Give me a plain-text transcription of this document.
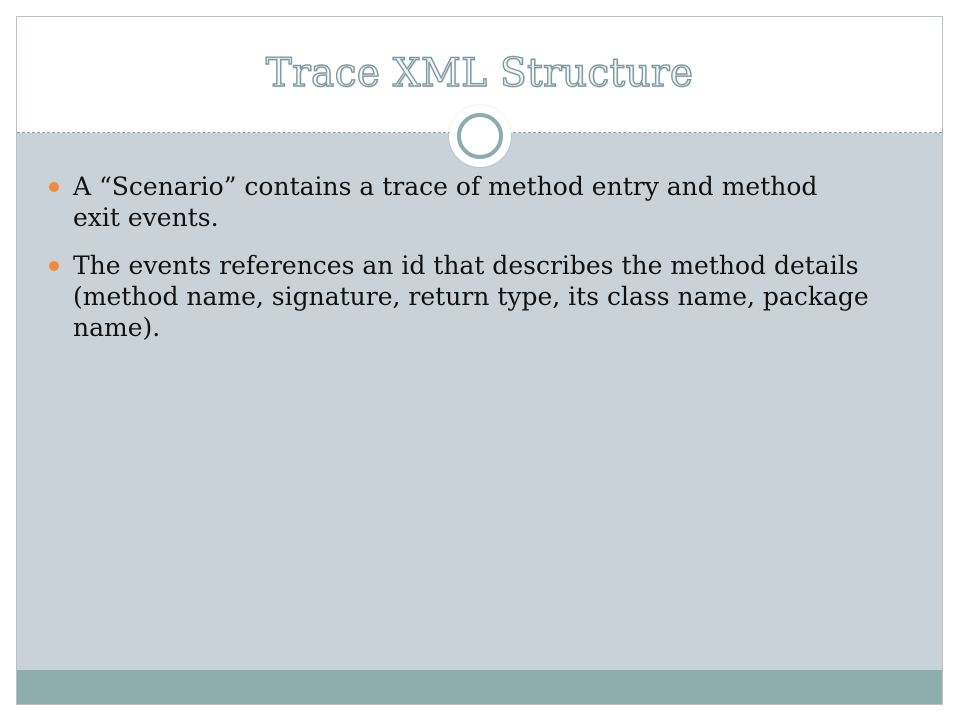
Trace XML Structure
A “Scenario” contains a trace of method entry and method exit events.
The events references an id that describes the method details (method name, signature, return type, its class name, package name).
